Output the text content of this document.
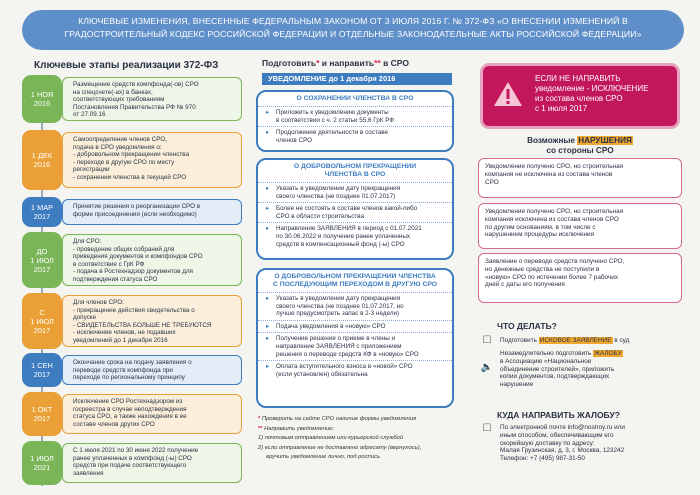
КЛЮЧЕВЫЕ ИЗМЕНЕНИЯ, ВНЕСЕННЫЕ ФЕДЕРАЛЬНЫМ ЗАКОНОМ ОТ 3 ИЮЛЯ 2016 Г. № 372-ФЗ «О ВНЕСЕНИИ ИЗМЕНЕНИЙ В
ГРАДОСТРОИТЕЛЬНЫЙ КОДЕКС РОССИЙСКОЙ ФЕДЕРАЦИИ И ОТДЕЛЬНЫЕ ЗАКОНОДАТЕЛЬНЫЕ АКТЫ РОССИЙСКОЙ ФЕДЕРАЦИИ»
Ключевые этапы реализации 372-ФЗ
1 НОЯ
2016
Размещение средств компфонда(-ов) СРО
на спецсчете(-ах) в банках,
соответствующих требованиям
Постановления Правительства РФ № 970
от 27.09.16
1 ДЕК
2016
Самоопределение членов СРО,
подача в СРО уведомления о:
- добровольном прекращении членства
- переходе в другую СРО по месту
регистрации
- сохранении членства в текущей СРО
1 МАР
2017
Принятие решения о реорганизации СРО в
форме присоединения (если необходимо)
ДО
1 ИЮЛ
2017
Для СРО:
- проведение общих собраний для
приведения документов и компфондов СРО
в соответствие с ГрК РФ
- подача в Ростехнадзор документов для
подтверждения статуса СРО
С
1 ИЮЛ
2017
Для членов СРО:
- прекращение действия свидетельства о
допуске
- СВИДЕТЕЛЬСТВА БОЛЬШЕ НЕ ТРЕБУЮТСЯ
- исключение членов, не подавших
уведомлений до 1 декабря 2016
1 СЕН
2017
Окончание срока на подачу заявления о
переводе средств компфонда при
переходе по региональному принципу
1 ОКТ
2017
Исключение СРО Ростехнадзором из
госреестра в случае неподтверждения
статуса СРО, а также нахождения в ее
составе членов других СРО
1 ИЮЛ
2021
С 1 июля 2021 по 30 июня 2022 получение
ранее уплаченных в компфонд (-ы) СРО
средств при подаче соответствующего
заявления
Подготовить* и направить** в СРО
УВЕДОМЛЕНИЕ до 1 декабря 2016
О СОХРАНЕНИИ ЧЛЕНСТВА В СРО
▸ Приложить к уведомлению документы
в соответствии с ч. 2 статьи 55.6 ГрК РФ
▸ Продолжение деятельности в составе
членов СРО
О ДОБРОВОЛЬНОМ ПРЕКРАЩЕНИИ
ЧЛЕНСТВА В СРО
▸ Указать в уведомлении дату прекращения
своего членства (не позднее 01.07.2017)
▸ Более не состоять в составе членов какой-либо
СРО в области строительства
▸ Направление ЗАЯВЛЕНИЯ в период с 01.07.2021
по 30.06.2022 и получение ранее уплаченных
средств в компенсационный фонд (-ы) СРО
О ДОБРОВОЛЬНОМ ПРЕКРАЩЕНИИ ЧЛЕНСТВА
С ПОСЛЕДУЮЩИМ ПЕРЕХОДОМ В ДРУГУЮ СРО
▸ Указать в уведомлении дату прекращения
своего членства (не позднее 01.07.2017, но
лучше предусмотреть запас в 2-3 недели)
▸ Подача уведомления в «новую» СРО
▸ Получение решения о приеме в члены и
направление ЗАЯВЛЕНИЯ с приложением
решения о переводе средств КФ в «новую» СРО
▸ Оплата вступительного взноса в «новой» СРО
(если установлен) обязательна
* Проверить на сайте СРО наличие формы уведомления
** Направить уведомление:
1) почтовым отправлением или курьерской службой
2) если отправление не доставлено адресату (вернулось),
вручить уведомление лично, под роспись
ЕСЛИ НЕ НАПРАВИТЬ
уведомление - ИСКЛЮЧЕНИЕ
из состава членов СРО
с 1 июля 2017
Возможные НАРУШЕНИЯ
со стороны СРО
Уведомление получено СРО, но строительная
компания не исключена из состава членов
СРО
Уведомление получено СРО, но строительная
компания исключена из состава членов СРО
по другим основаниям, в том числе с
нарушением процедуры исключения
Заявление о переводе средств получено СРО,
но денежные средства не поступили в
«новую» СРО по истечении более 7 рабочих
дней с даты его получения
ЧТО ДЕЛАТЬ?
☐	Подготовить ИСКОВОЕ ЗАЯВЛЕНИЕ в суд
🔈
Незамедлительно подготовить ЖАЛОБУ
в Ассоциацию «Национальное
объединение строителей», приложить
копии документов, подтверждающих
нарушение
КУДА НАПРАВИТЬ ЖАЛОБУ?
☐	По электронной почте info@nostroy.ru или
иным способом, обеспечивающим его
скорейшую доставку по адресу:
Малая Грузинская, д. 3, г. Москва, 123242
Телефон: +7 (495) 987-31-50
